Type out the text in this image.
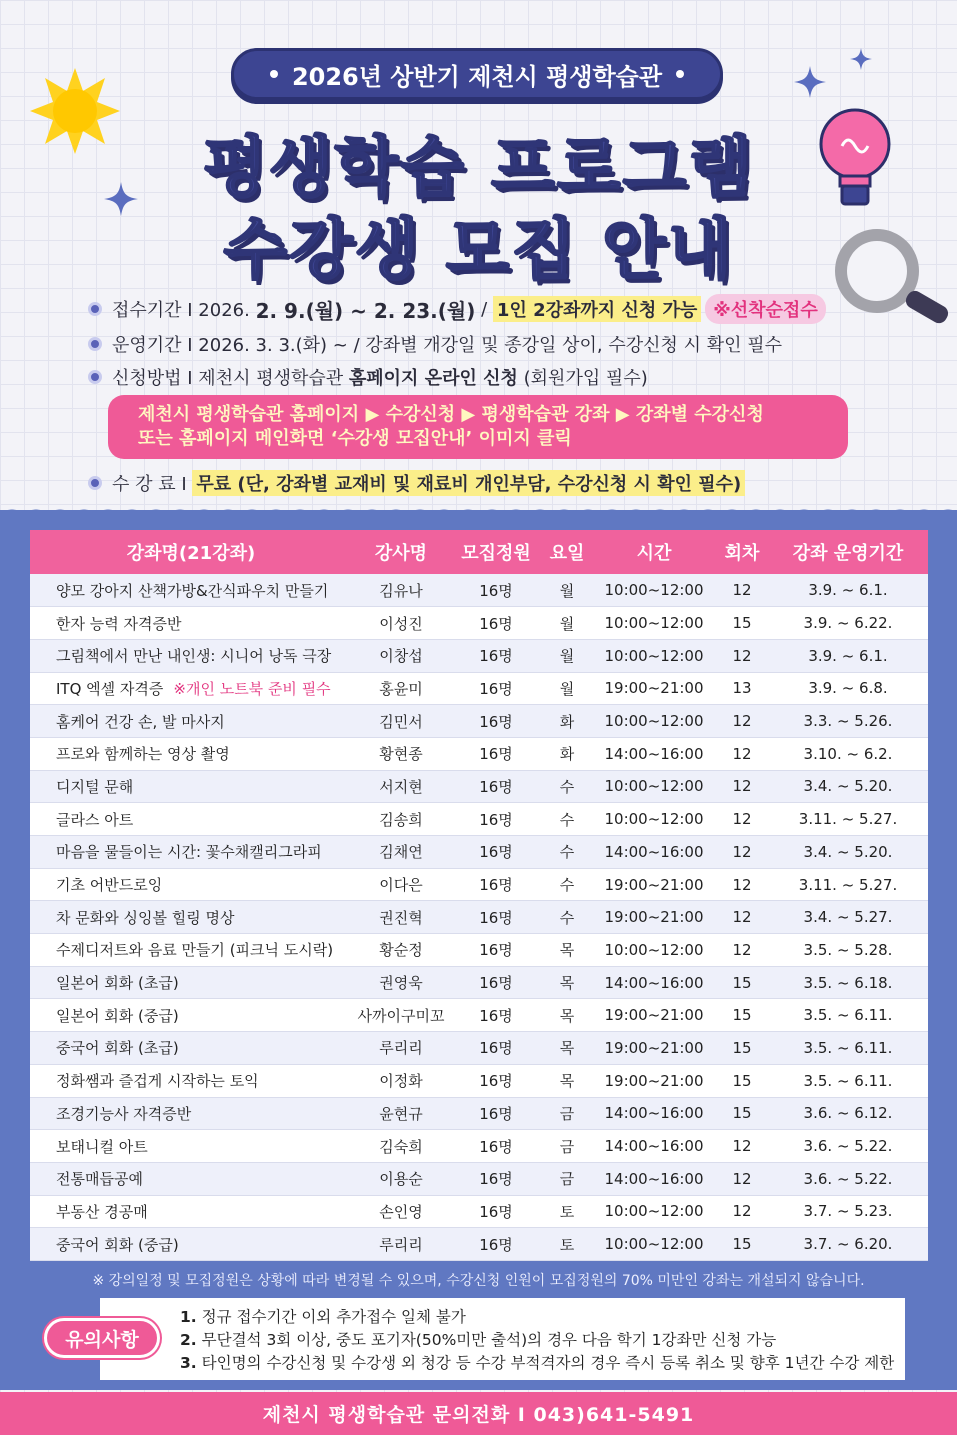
2026년 상반기 제천시 평생학습관
평생학습 프로그램
수강생 모집 안내
접수기간 I 2026.
2. 9.(월) ~ 2. 23.(월)
/
1인 2강좌까지 신청 가능 ※선착순접수
운영기간 I 2026. 3. 3.(화) ~ / 강좌별 개강일 및 종강일 상이, 수강신청 시 확인 필수
신청방법 I 제천시 평생학습관
홈페이지 온라인 신청
(회원가입 필수)
제천시 평생학습관 홈페이지 ▶ 수강신청 ▶ 평생학습관 강좌 ▶ 강좌별 수강신청
또는 홈페이지 메인화면 ‘수강생 모집안내’ 이미지 클릭
수 강 료 I
무료 (단, 강좌별 교재비 및 재료비 개인부담, 수강신청 시 확인 필수)
강좌명(21강좌)	강사명	모집정원	요일	시간	회차	강좌 운영기간
양모 강아지 산책가방&간식파우치 만들기	김유나	16명	월	10:00~12:00	12	3.9. ~ 6.1.
한자 능력 자격증반	이성진	16명	월	10:00~12:00	15	3.9. ~ 6.22.
그림책에서 만난 내인생: 시니어 낭독 극장	이창섭	16명	월	10:00~12:00	12	3.9. ~ 6.1.
ITQ 엑셀 자격증 ※개인 노트북 준비 필수	홍윤미	16명	월	19:00~21:00	13	3.9. ~ 6.8.
홈케어 건강 손, 발 마사지	김민서	16명	화	10:00~12:00	12	3.3. ~ 5.26.
프로와 함께하는 영상 촬영	황현종	16명	화	14:00~16:00	12	3.10. ~ 6.2.
디지털 문해	서지현	16명	수	10:00~12:00	12	3.4. ~ 5.20.
글라스 아트	김송희	16명	수	10:00~12:00	12	3.11. ~ 5.27.
마음을 물들이는 시간: 꽃수채캘리그라피	김채연	16명	수	14:00~16:00	12	3.4. ~ 5.20.
기초 어반드로잉	이다은	16명	수	19:00~21:00	12	3.11. ~ 5.27.
차 문화와 싱잉볼 힐링 명상	권진혁	16명	수	19:00~21:00	12	3.4. ~ 5.27.
수제디저트와 음료 만들기 (피크닉 도시락)	황순정	16명	목	10:00~12:00	12	3.5. ~ 5.28.
일본어 회화 (초급)	권영욱	16명	목	14:00~16:00	15	3.5. ~ 6.18.
일본어 회화 (중급)	사까이구미꼬	16명	목	19:00~21:00	15	3.5. ~ 6.11.
중국어 회화 (초급)	루리리	16명	목	19:00~21:00	15	3.5. ~ 6.11.
정화쌤과 즐겁게 시작하는 토익	이정화	16명	목	19:00~21:00	15	3.5. ~ 6.11.
조경기능사 자격증반	윤현규	16명	금	14:00~16:00	15	3.6. ~ 6.12.
보태니컬 아트	김숙희	16명	금	14:00~16:00	12	3.6. ~ 5.22.
전통매듭공예	이용순	16명	금	14:00~16:00	12	3.6. ~ 5.22.
부동산 경공매	손인영	16명	토	10:00~12:00	12	3.7. ~ 5.23.
중국어 회화 (중급)	루리리	16명	토	10:00~12:00	15	3.7. ~ 6.20.
※ 강의일정 및 모집정원은 상황에 따라 변경될 수 있으며, 수강신청 인원이 모집정원의 70% 미만인 강좌는 개설되지 않습니다.
1. 정규 접수기간 이외 추가접수 일체 불가
2. 무단결석 3회 이상, 중도 포기자(50%미만 출석)의 경우 다음 학기 1강좌만 신청 가능
3. 타인명의 수강신청 및 수강생 외 청강 등 수강 부적격자의 경우 즉시 등록 취소 및 향후 1년간 수강 제한
유의사항
제천시 평생학습관 문의전화 I 043)641-5491
